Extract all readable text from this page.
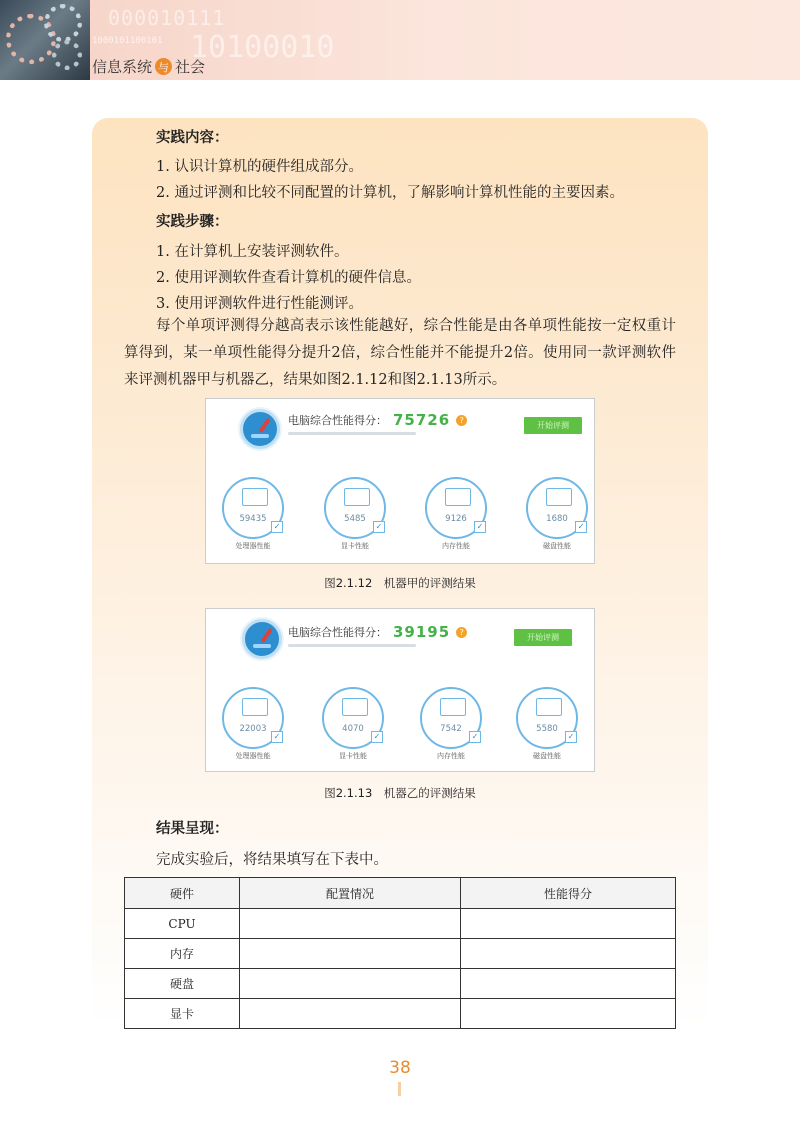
000010111
1000101100101 10100010
信息系统 与 社会
实践内容：
1. 认识计算机的硬件组成部分。
2. 通过评测和比较不同配置的计算机，了解影响计算机性能的主要因素。
实践步骤：
1. 在计算机上安装评测软件。
2. 使用评测软件查看计算机的硬件信息。
3. 使用评测软件进行性能测评。
每个单项评测得分越高表示该性能越好，综合性能是由各单项性能按一定权重计算得到，某一单项性能得分提升2倍，综合性能并不能提升2倍。使用同一款评测软件来评测机器甲与机器乙，结果如图2.1.12和图2.1.13所示。
电脑综合性能得分： 75726	?
开始评测
59435
✓
处理器性能
5485
✓
显卡性能
9126
✓
内存性能
1680
✓
磁盘性能
图2.1.12　机器甲的评测结果
电脑综合性能得分： 39195	?
开始评测
22003
✓
处理器性能
4070
✓
显卡性能
7542
✓
内存性能
5580
✓
磁盘性能
图2.1.13　机器乙的评测结果
结果呈现：
完成实验后，将结果填写在下表中。
硬件	配置情况	性能得分
CPU		
内存		
硬盘		
显卡		
38
